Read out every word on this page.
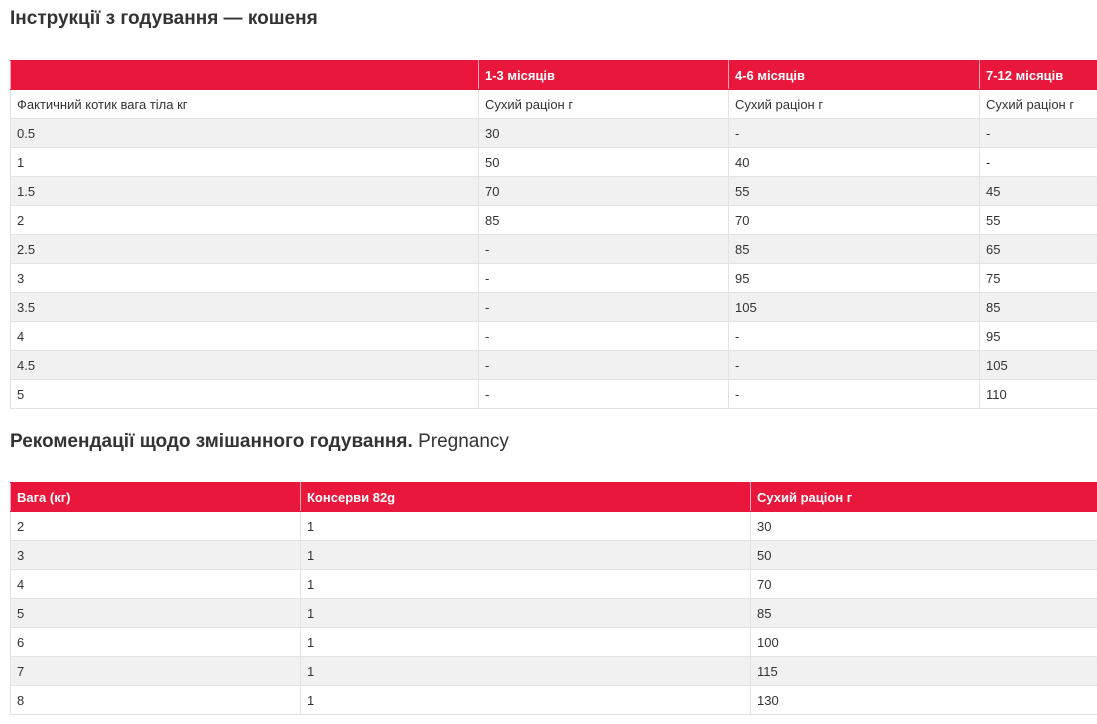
Інструкції з годування — кошеня
	1-3 місяців	4-6 місяців	7-12 місяців
Фактичний котик вага тіла кг	Сухий раціон г	Сухий раціон г	Сухий раціон г
0.5	30	-	-
1	50	40	-
1.5	70	55	45
2	85	70	55
2.5	-	85	65
3	-	95	75
3.5	-	105	85
4	-	-	95
4.5	-	-	105
5	-	-	110
Рекомендації щодо змішанного годування. Pregnancy
Вага (кг)	Консерви 82g	Сухий раціон г
2	1	30
3	1	50
4	1	70
5	1	85
6	1	100
7	1	115
8	1	130
